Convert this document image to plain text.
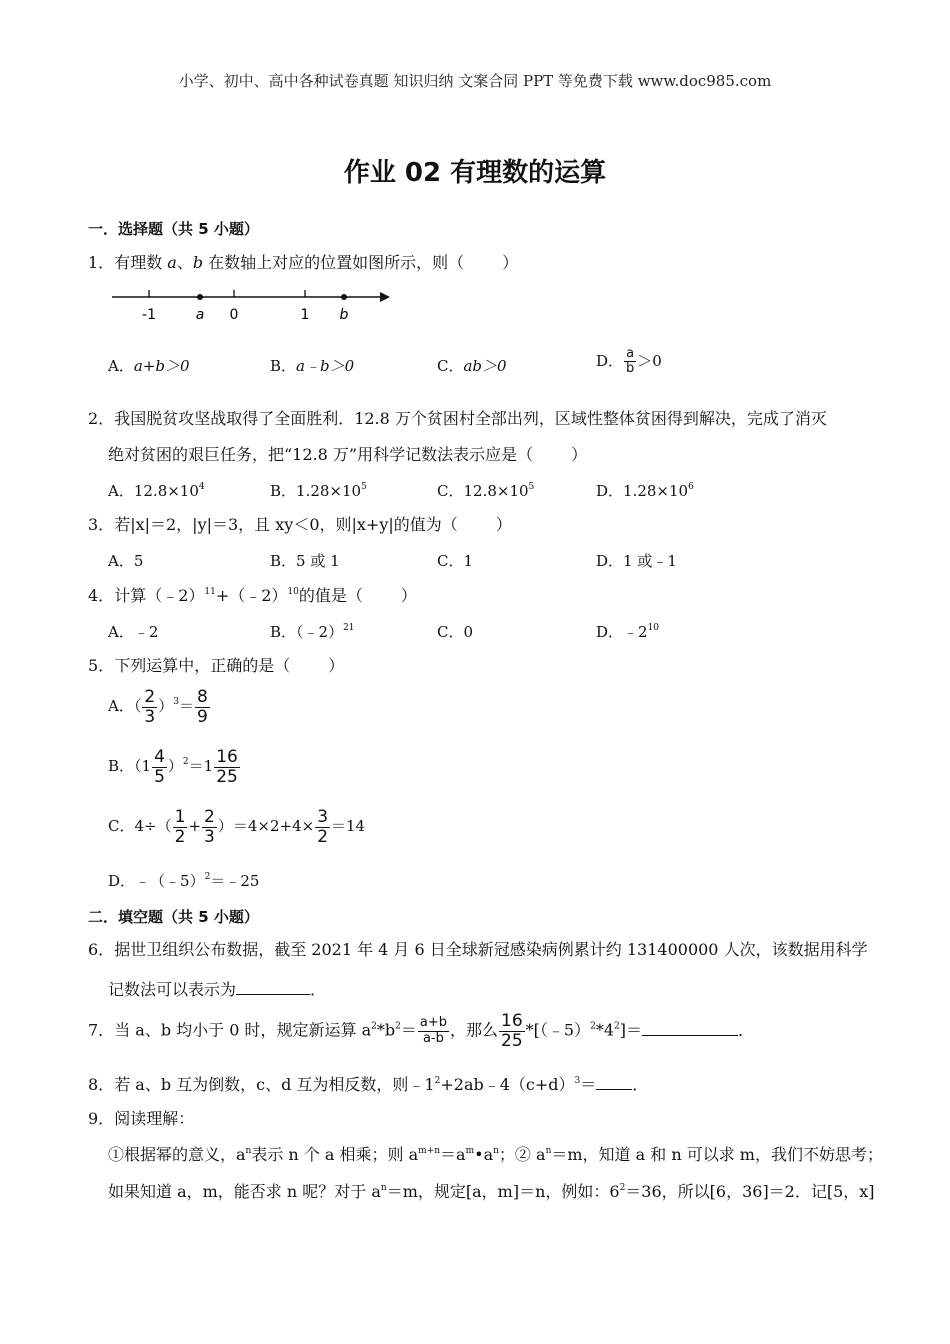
小学、初中、高中各种试卷真题 知识归纳 文案合同 PPT 等免费下载 www.doc985.com
作业 02 有理数的运算
一．选择题（共 5 小题）
1．有理数 a、b 在数轴上对应的位置如图所示，则（ ）
-1	a 0	1 b
A．a+b＞0	B．a﹣b＞0	C．ab＞0	D． $\frac{a}{b} >0$
2．我国脱贫攻坚战取得了全面胜利．12.8 万个贫困村全部出列，区域性整体贫困得到解决，完成了消灭
绝对贫困的艰巨任务，把“12.8 万”用科学记数法表示应是（ ）
A．$12.8\times 10^4$	B．$1.28\times 10^5$	C．$12.8\times 10^5$	D．$1.28\times 10^6$
3．若|x|＝2，|y|＝3，且 xy＜0，则|x+y|的值为（ ）
A．5	B．5 或 1	C．1	D．1 或﹣1
4．计算（﹣2）$^{11}$+（﹣2）$^{10}$的值是（ ）
A．﹣2	B．（﹣2）$^{21}$	C．0	D．$﹣2^{10}$
5．下列运算中，正确的是（ ）
A．（ $\frac{2}{3} )^3= \frac{8}{9}$
B．$(1 \frac{4}{5} )^2=1 \frac{16}{25}$
C．$4\div( \frac{1}{2} + \frac{2}{3} )=4\times 2+4\times \frac{3}{2} =14$
D．﹣（﹣5）$^2$＝﹣25
二．填空题（共 5 小题）
6．据世卫组织公布数据，截至 2021 年 4 月 6 日全球新冠感染病例累计约 131400000 人次，该数据用科学
记数法可以表示为	．
7．当 a、b 均小于 0 时，规定新运算 $a^2*b^2= \frac{a+b}{a-b}$ ，那么 $\frac{16}{25}$ $*[(﹣5)^2*4^2]=$	．
8．若 a、b 互为倒数，c、d 互为相反数，则$﹣1^2+2ab﹣4(c+d)^3=$ ．
9．阅读理解：
①根据幂的意义，$a^n$表示 n 个 a 相乘；则 $a^{m+n}=a^m•a^n$；② $a^n=m$，知道 a 和 n 可以求 m，我们不妨思考；
如果知道 a，m，能否求 n 呢？对于 $a^n=m$，规定[a，m]＝n，例如：$6^2=36$，所以[6，36]＝2．记[5，x]
